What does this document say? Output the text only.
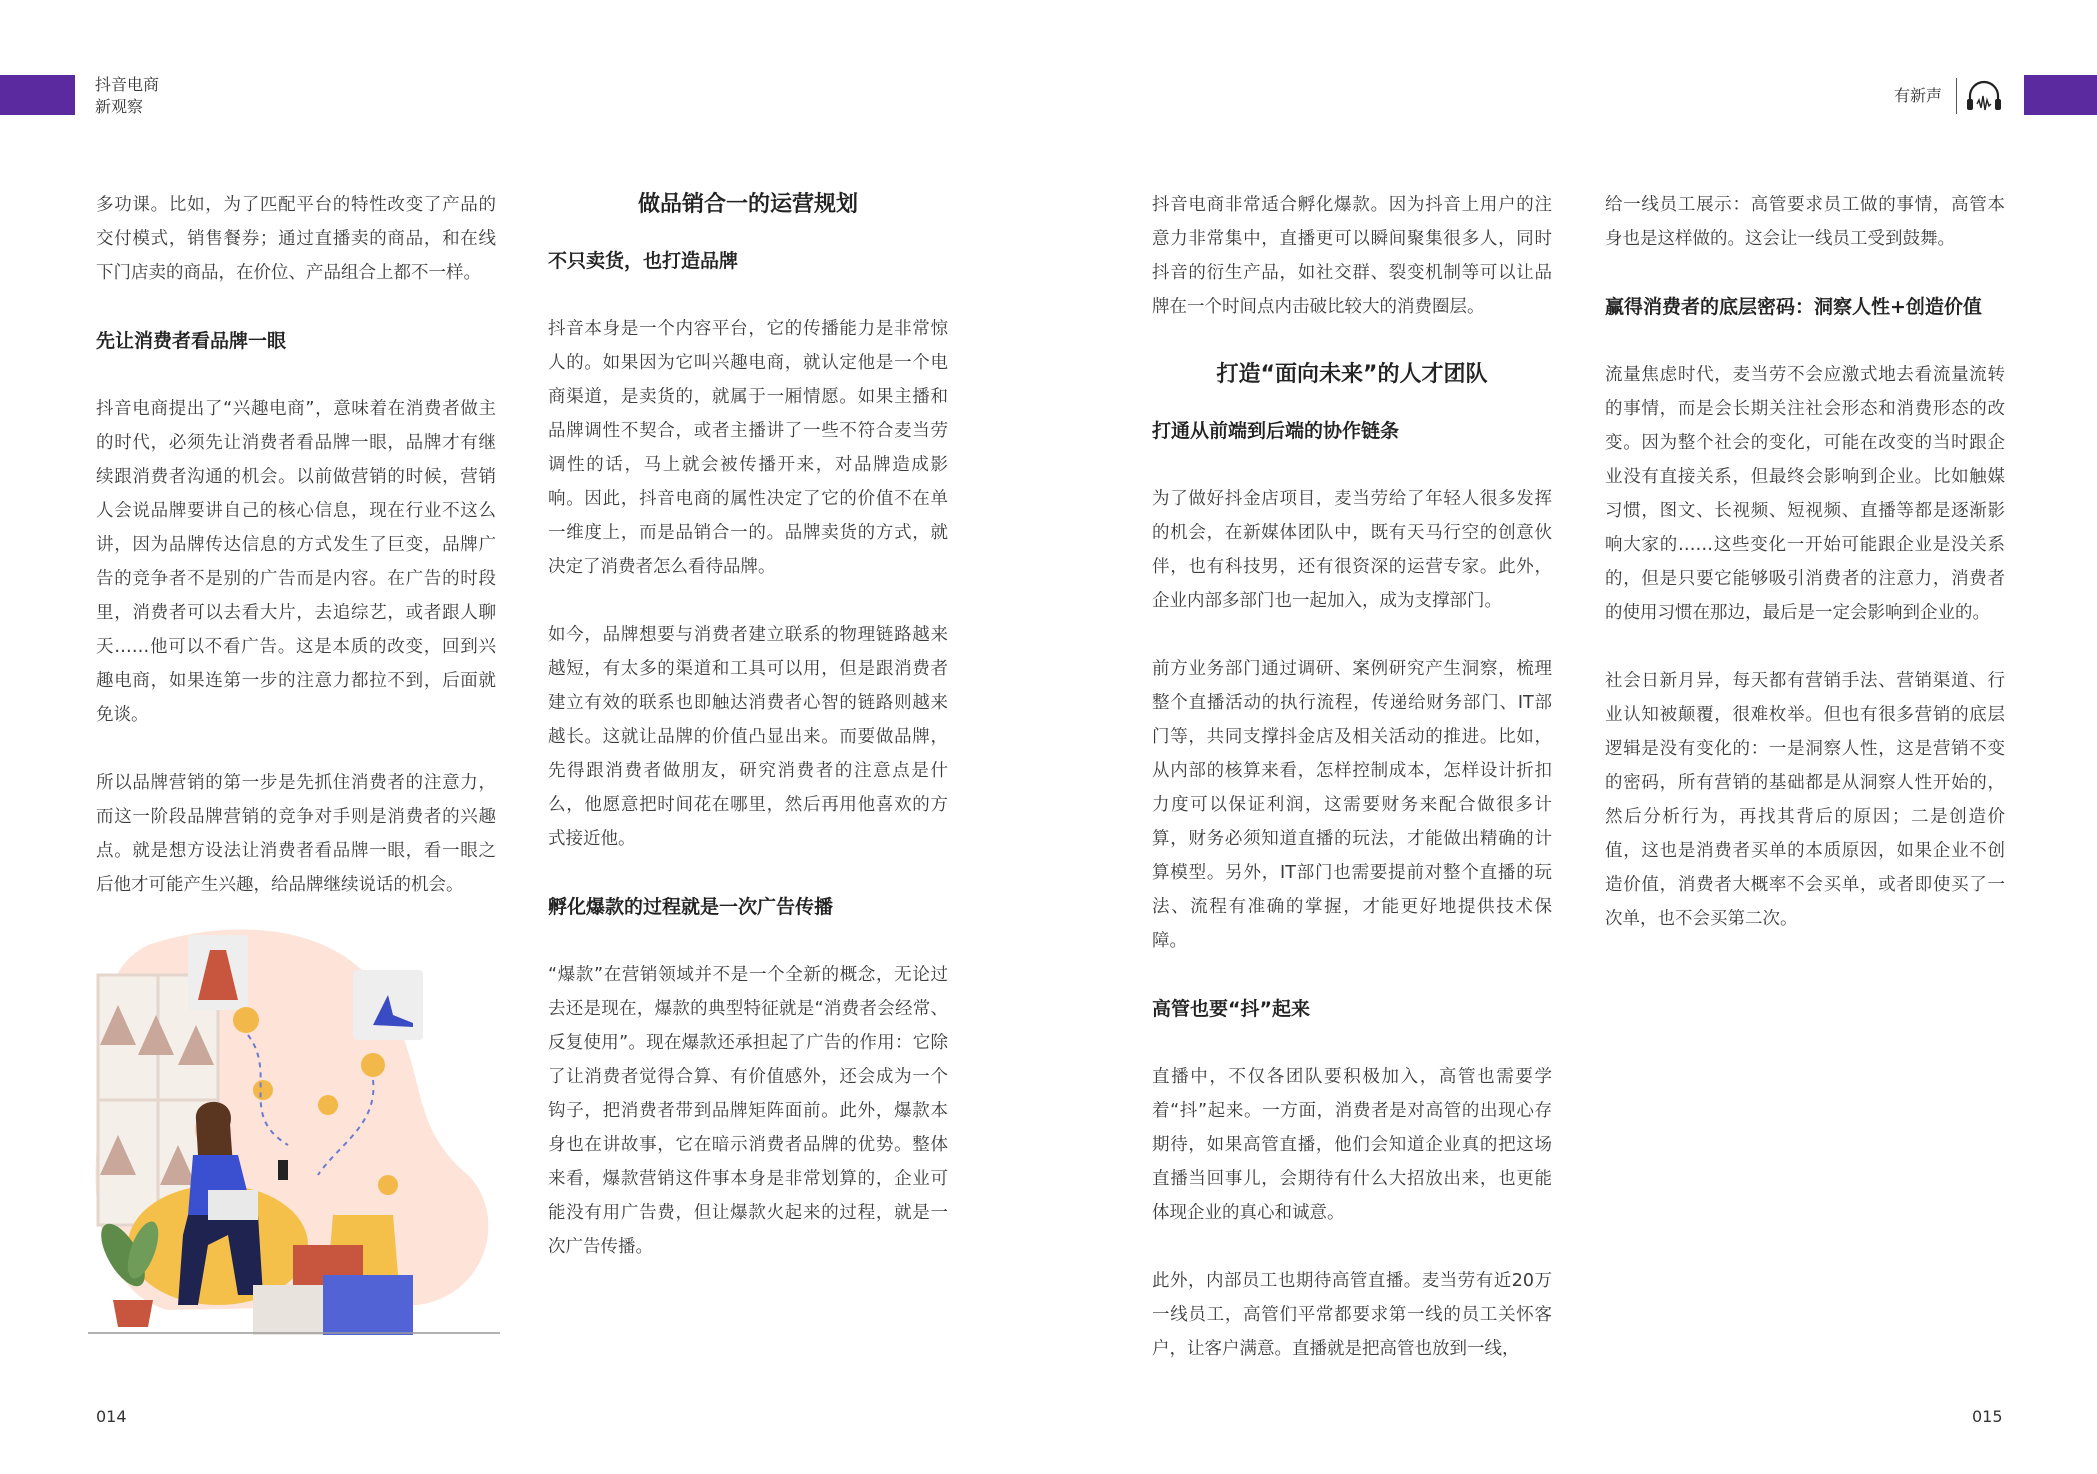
抖音电商
新观察
有新声

多功课。比如，为了匹配平台的特性改变了产品的交付模式，销售餐券；通过直播卖的商品，和在线下门店卖的商品，在价位、产品组合上都不一样。

先让消费者看品牌一眼

抖音电商提出了“兴趣电商”，意味着在消费者做主的时代，必须先让消费者看品牌一眼，品牌才有继续跟消费者沟通的机会。以前做营销的时候，营销人会说品牌要讲自己的核心信息，现在行业不这么讲，因为品牌传达信息的方式发生了巨变，品牌广告的竞争者不是别的广告而是内容。在广告的时段里，消费者可以去看大片，去追综艺，或者跟人聊天……他可以不看广告。这是本质的改变，回到兴趣电商，如果连第一步的注意力都拉不到，后面就免谈。

所以品牌营销的第一步是先抓住消费者的注意力，而这一阶段品牌营销的竞争对手则是消费者的兴趣点。就是想方设法让消费者看品牌一眼，看一眼之后他才可能产生兴趣，给品牌继续说话的机会。

做品销合一的运营规划
不只卖货，也打造品牌

抖音本身是一个内容平台，它的传播能力是非常惊人的。如果因为它叫兴趣电商，就认定他是一个电商渠道，是卖货的，就属于一厢情愿。如果主播和品牌调性不契合，或者主播讲了一些不符合麦当劳调性的话，马上就会被传播开来，对品牌造成影响。因此，抖音电商的属性决定了它的价值不在单一维度上，而是品销合一的。品牌卖货的方式，就决定了消费者怎么看待品牌。

如今，品牌想要与消费者建立联系的物理链路越来越短，有太多的渠道和工具可以用，但是跟消费者建立有效的联系也即触达消费者心智的链路则越来越长。这就让品牌的价值凸显出来。而要做品牌，先得跟消费者做朋友，研究消费者的注意点是什么，他愿意把时间花在哪里，然后再用他喜欢的方式接近他。

孵化爆款的过程就是一次广告传播

“爆款”在营销领域并不是一个全新的概念，无论过去还是现在，爆款的典型特征就是“消费者会经常、反复使用”。现在爆款还承担起了广告的作用：它除了让消费者觉得合算、有价值感外，还会成为一个钩子，把消费者带到品牌矩阵面前。此外，爆款本身也在讲故事，它在暗示消费者品牌的优势。整体来看，爆款营销这件事本身是非常划算的，企业可能没有用广告费，但让爆款火起来的过程，就是一次广告传播。

抖音电商非常适合孵化爆款。因为抖音上用户的注意力非常集中，直播更可以瞬间聚集很多人，同时抖音的衍生产品，如社交群、裂变机制等可以让品牌在一个时间点内击破比较大的消费圈层。

打造“面向未来”的人才团队
打通从前端到后端的协作链条

为了做好抖金店项目，麦当劳给了年轻人很多发挥的机会，在新媒体团队中，既有天马行空的创意伙伴，也有科技男，还有很资深的运营专家。此外，企业内部多部门也一起加入，成为支撑部门。

前方业务部门通过调研、案例研究产生洞察，梳理整个直播活动的执行流程，传递给财务部门、IT部门等，共同支撑抖金店及相关活动的推进。比如，从内部的核算来看，怎样控制成本，怎样设计折扣力度可以保证利润，这需要财务来配合做很多计算，财务必须知道直播的玩法，才能做出精确的计算模型。另外，IT部门也需要提前对整个直播的玩法、流程有准确的掌握，才能更好地提供技术保障。

高管也要“抖”起来

直播中，不仅各团队要积极加入，高管也需要学着“抖”起来。一方面，消费者是对高管的出现心存期待，如果高管直播，他们会知道企业真的把这场直播当回事儿，会期待有什么大招放出来，也更能体现企业的真心和诚意。

此外，内部员工也期待高管直播。麦当劳有近20万一线员工，高管们平常都要求第一线的员工关怀客户，让客户满意。直播就是把高管也放到一线，

给一线员工展示：高管要求员工做的事情，高管本身也是这样做的。这会让一线员工受到鼓舞。

赢得消费者的底层密码：洞察人性+创造价值

流量焦虑时代，麦当劳不会应激式地去看流量流转的事情，而是会长期关注社会形态和消费形态的改变。因为整个社会的变化，可能在改变的当时跟企业没有直接关系，但最终会影响到企业。比如触媒习惯，图文、长视频、短视频、直播等都是逐渐影响大家的……这些变化一开始可能跟企业是没关系的，但是只要它能够吸引消费者的注意力，消费者的使用习惯在那边，最后是一定会影响到企业的。

社会日新月异，每天都有营销手法、营销渠道、行业认知被颠覆，很难枚举。但也有很多营销的底层逻辑是没有变化的：一是洞察人性，这是营销不变的密码，所有营销的基础都是从洞察人性开始的，然后分析行为，再找其背后的原因；二是创造价值，这也是消费者买单的本质原因，如果企业不创造价值，消费者大概率不会买单，或者即使买了一次单，也不会买第二次。

014	015
